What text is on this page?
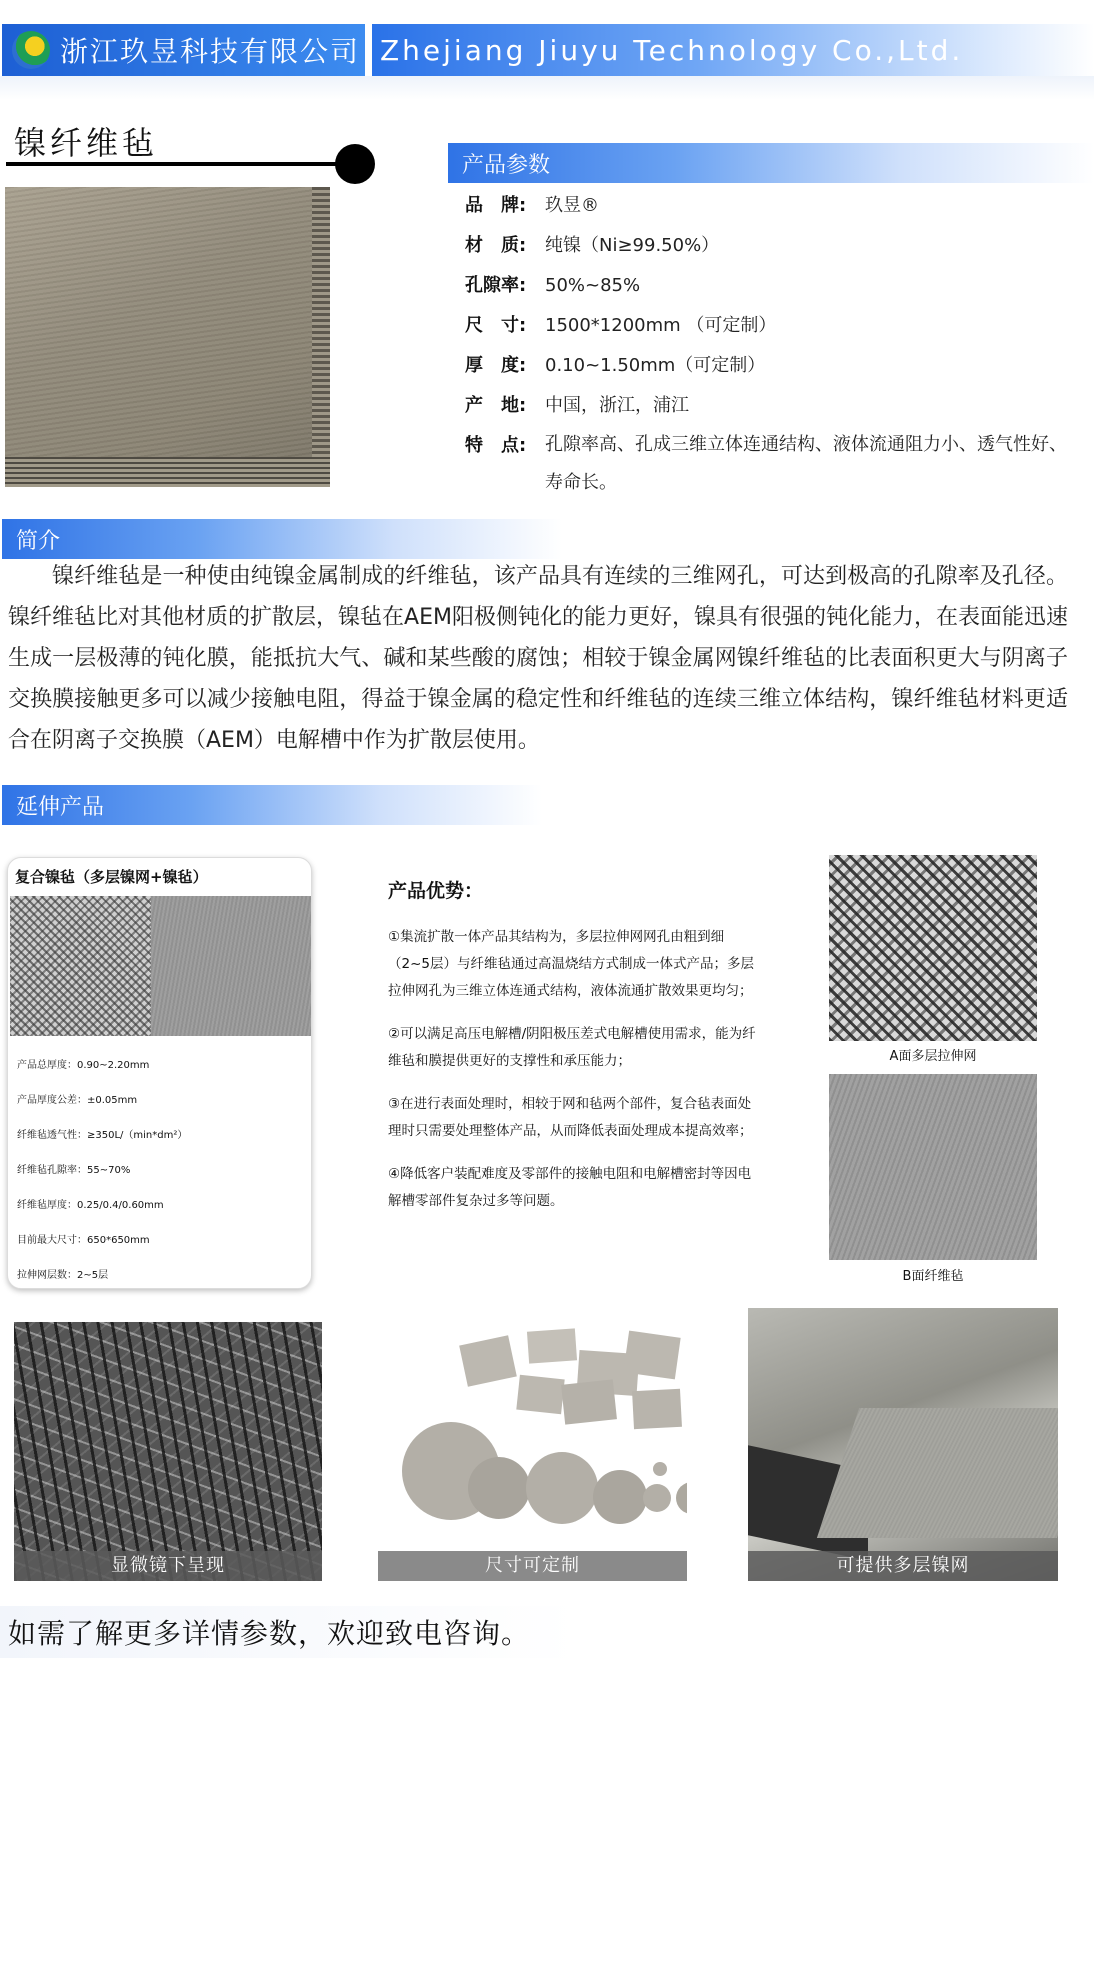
浙江玖昱科技有限公司 Zhejiang Jiuyu Technology Co.,Ltd.
镍纤维毡
产品参数
品　牌:	玖昱®
材　质:	纯镍（Ni≥99.50%）
孔隙率:	50%~85%
尺　寸:	1500*1200mm （可定制）
厚　度:	0.10~1.50mm（可定制）
产　地:	中国，浙江，浦江
特　点:	孔隙率高、孔成三维立体连通结构、液体流通阻力小、透气性好、寿命长。
简介

镍纤维毡是一种使由纯镍金属制成的纤维毡，该产品具有连续的三维网孔，可达到极高的孔隙率及孔径。镍纤维毡比对其他材质的扩散层，镍毡在AEM阳极侧钝化的能力更好，镍具有很强的钝化能力，在表面能迅速生成一层极薄的钝化膜，能抵抗大气、碱和某些酸的腐蚀；相较于镍金属网镍纤维毡的比表面积更大与阴离子交换膜接触更多可以减少接触电阻，得益于镍金属的稳定性和纤维毡的连续三维立体结构，镍纤维毡材料更适合在阴离子交换膜（AEM）电解槽中作为扩散层使用。

延伸产品
复合镍毡（多层镍网+镍毡）
产品总厚度：0.90~2.20mm
产品厚度公差：±0.05mm
纤维毡透气性：≥350L/（min*dm²）
纤维毡孔隙率：55~70%
纤维毡厚度：0.25/0.4/0.60mm
目前最大尺寸：650*650mm
拉伸网层数：2~5层
产品优势：

①集流扩散一体产品其结构为，多层拉伸网网孔由粗到细（2~5层）与纤维毡通过高温烧结方式制成一体式产品；多层拉伸网孔为三维立体连通式结构，液体流通扩散效果更均匀；

②可以满足高压电解槽/阴阳极压差式电解槽使用需求，能为纤维毡和膜提供更好的支撑性和承压能力；

③在进行表面处理时，相较于网和毡两个部件，复合毡表面处理时只需要处理整体产品，从而降低表面处理成本提高效率；

④降低客户装配难度及零部件的接触电阻和电解槽密封等因电解槽零部件复杂过多等问题。

A面多层拉伸网
B面纤维毡
显微镜下呈现	尺寸可定制	可提供多层镍网
如需了解更多详情参数，欢迎致电咨询。
